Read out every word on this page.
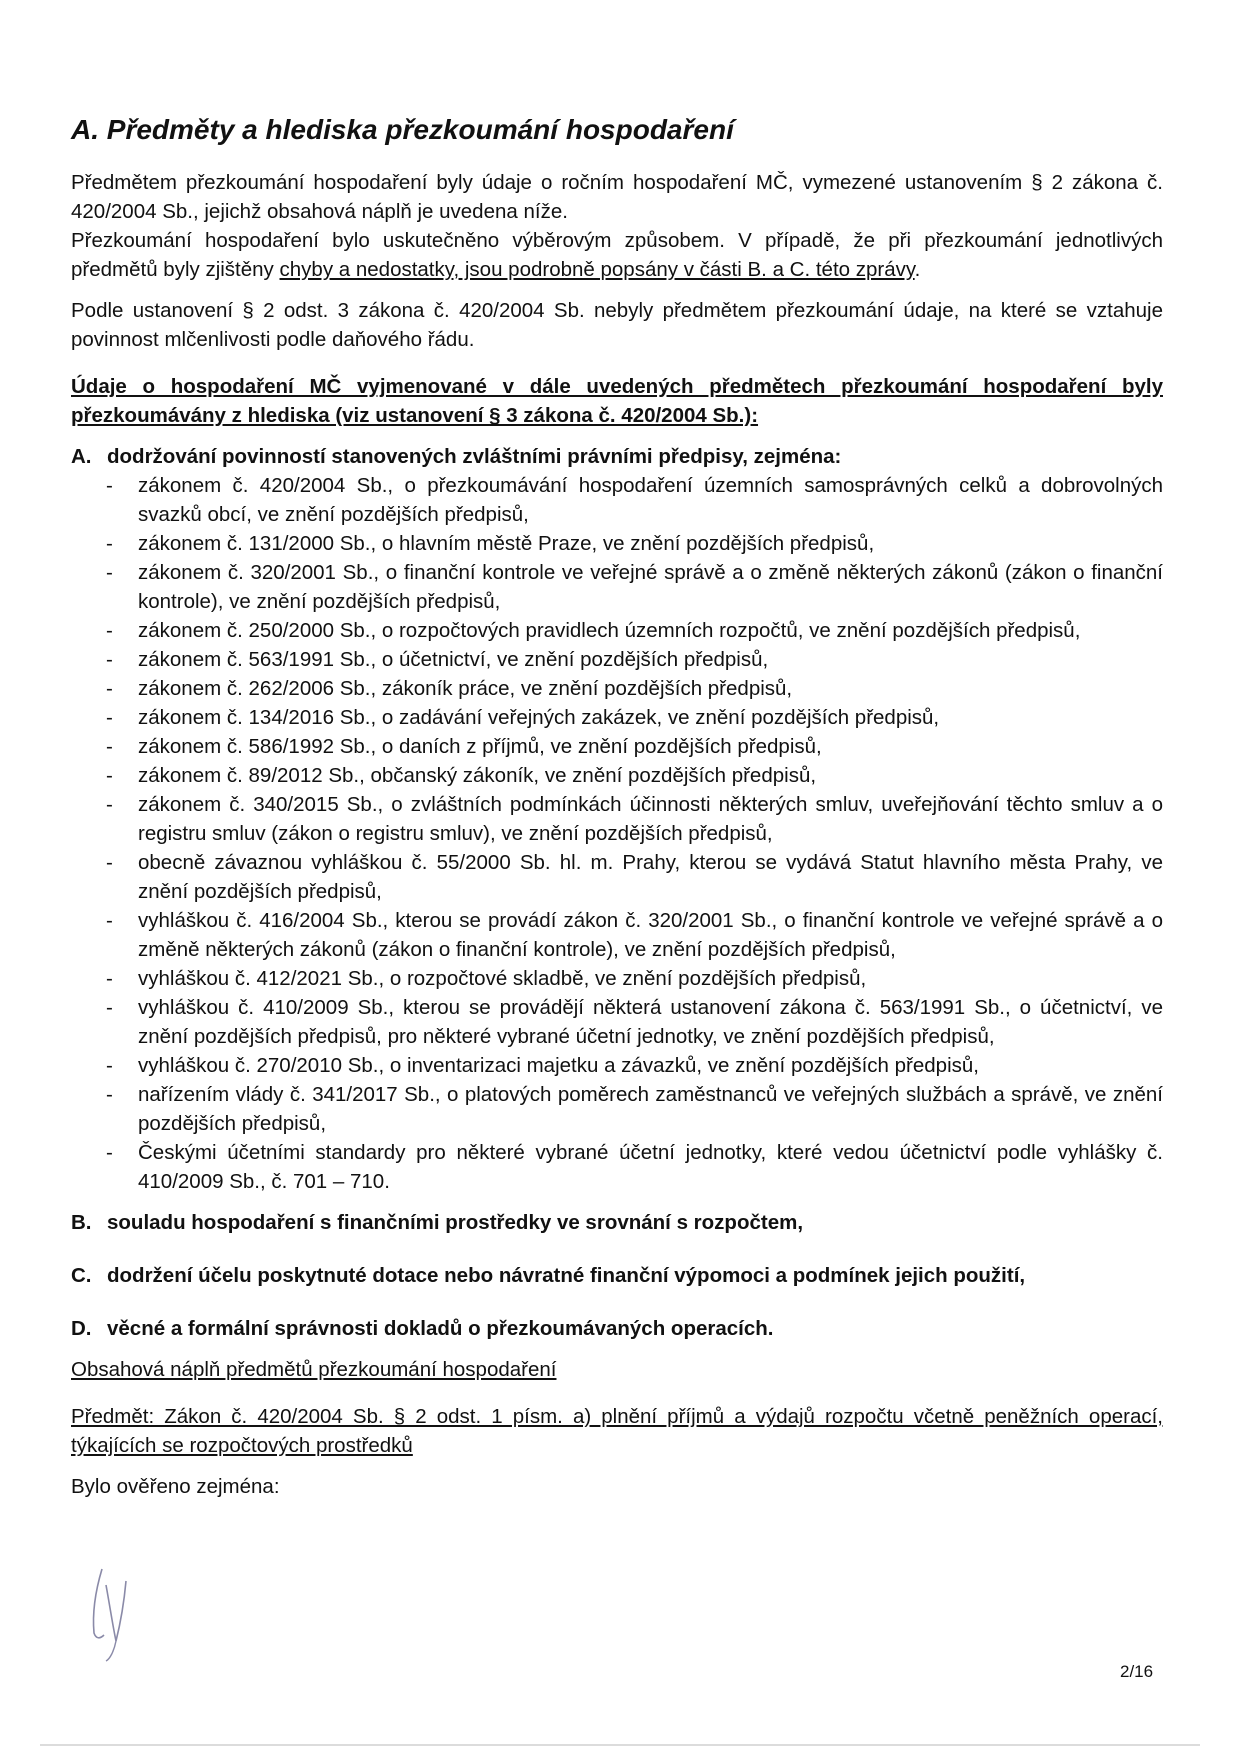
A. Předměty a hlediska přezkoumání hospodaření

Předmětem přezkoumání hospodaření byly údaje o ročním hospodaření MČ, vymezené ustanovením § 2 zákona č. 420/2004 Sb., jejichž obsahová náplň je uvedena níže.

Přezkoumání hospodaření bylo uskutečněno výběrovým způsobem. V případě, že při přezkoumání jednotlivých předmětů byly zjištěny chyby a nedostatky, jsou podrobně popsány v části B. a C. této zprávy.

Podle ustanovení § 2 odst. 3 zákona č. 420/2004 Sb. nebyly předmětem přezkoumání údaje, na které se vztahuje povinnost mlčenlivosti podle daňového řádu.

Údaje o hospodaření MČ vyjmenované v dále uvedených předmětech přezkoumání hospodaření byly přezkoumávány z hlediska (viz ustanovení § 3 zákona č. 420/2004 Sb.):

A. dodržování povinností stanovených zvláštními právními předpisy, zejména:
-	zákonem č. 420/2004 Sb., o přezkoumávání hospodaření územních samosprávných celků a dobrovolných svazků obcí, ve znění pozdějších předpisů,
-	zákonem č. 131/2000 Sb., o hlavním městě Praze, ve znění pozdějších předpisů,
-	zákonem č. 320/2001 Sb., o finanční kontrole ve veřejné správě a o změně některých zákonů (zákon o finanční kontrole), ve znění pozdějších předpisů,
-	zákonem č. 250/2000 Sb., o rozpočtových pravidlech územních rozpočtů, ve znění pozdějších předpisů,
-	zákonem č. 563/1991 Sb., o účetnictví, ve znění pozdějších předpisů,
-	zákonem č. 262/2006 Sb., zákoník práce, ve znění pozdějších předpisů,
-	zákonem č. 134/2016 Sb., o zadávání veřejných zakázek, ve znění pozdějších předpisů,
-	zákonem č. 586/1992 Sb., o daních z příjmů, ve znění pozdějších předpisů,
-	zákonem č. 89/2012 Sb., občanský zákoník, ve znění pozdějších předpisů,
-	zákonem č. 340/2015 Sb., o zvláštních podmínkách účinnosti některých smluv, uveřejňování těchto smluv a o registru smluv (zákon o registru smluv), ve znění pozdějších předpisů,
-	obecně závaznou vyhláškou č. 55/2000 Sb. hl. m. Prahy, kterou se vydává Statut hlavního města Prahy, ve znění pozdějších předpisů,
-	vyhláškou č. 416/2004 Sb., kterou se provádí zákon č. 320/2001 Sb., o finanční kontrole ve veřejné správě a o změně některých zákonů (zákon o finanční kontrole), ve znění pozdějších předpisů,
-	vyhláškou č. 412/2021 Sb., o rozpočtové skladbě, ve znění pozdějších předpisů,
-	vyhláškou č. 410/2009 Sb., kterou se provádějí některá ustanovení zákona č. 563/1991 Sb., o účetnictví, ve znění pozdějších předpisů, pro některé vybrané účetní jednotky, ve znění pozdějších předpisů,
-	vyhláškou č. 270/2010 Sb., o inventarizaci majetku a závazků, ve znění pozdějších předpisů,
-	nařízením vlády č. 341/2017 Sb., o platových poměrech zaměstnanců ve veřejných službách a správě, ve znění pozdějších předpisů,
-	Českými účetními standardy pro některé vybrané účetní jednotky, které vedou účetnictví podle vyhlášky č. 410/2009 Sb., č. 701 – 710.
B. souladu hospodaření s finančními prostředky ve srovnání s rozpočtem,
C. dodržení účelu poskytnuté dotace nebo návratné finanční výpomoci a podmínek jejich použití,
D. věcné a formální správnosti dokladů o přezkoumávaných operacích.

Obsahová náplň předmětů přezkoumání hospodaření

Předmět: Zákon č. 420/2004 Sb. § 2 odst. 1 písm. a) plnění příjmů a výdajů rozpočtu včetně peněžních operací, týkajících se rozpočtových prostředků

Bylo ověřeno zejména:

2/16
